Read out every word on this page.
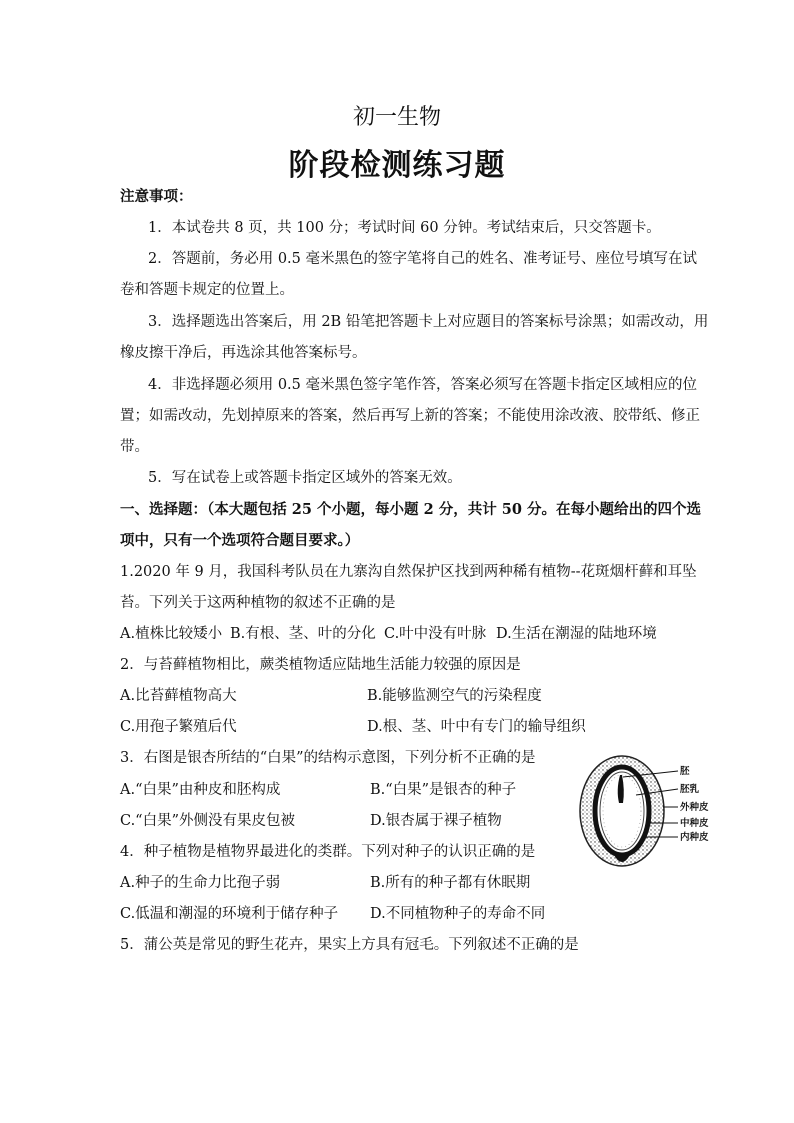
初一生物
阶段检测练习题
注意事项：
1．本试卷共 8 页，共 100 分；考试时间 60 分钟。考试结束后，只交答题卡。
2．答题前，务必用 0.5 毫米黑色的签字笔将自己的姓名、准考证号、座位号填写在试
卷和答题卡规定的位置上。
3．选择题选出答案后，用 2B 铅笔把答题卡上对应题目的答案标号涂黑；如需改动，用
橡皮擦干净后，再选涂其他答案标号。
4．非选择题必须用 0.5 毫米黑色签字笔作答，答案必须写在答题卡指定区域相应的位
置；如需改动，先划掉原来的答案，然后再写上新的答案；不能使用涂改液、胶带纸、修正
带。
5．写在试卷上或答题卡指定区域外的答案无效。
一、选择题：（本大题包括 25 个小题，每小题 2 分，共计 50 分。在每小题给出的四个选
项中，只有一个选项符合题目要求。）
1.2020 年 9 月，我国科考队员在九寨沟自然保护区找到两种稀有植物--花斑烟杆藓和耳坠
苔。下列关于这两种植物的叙述不正确的是
A.植株比较矮小 B.有根、茎、叶的分化 C.叶中没有叶脉 D.生活在潮湿的陆地环境
2．与苔藓植物相比，蕨类植物适应陆地生活能力较强的原因是
A.比苔藓植物高大	B.能够监测空气的污染程度
C.用孢子繁殖后代	D.根、茎、叶中有专门的输导组织
3．右图是银杏所结的“白果”的结构示意图，下列分析不正确的是
A.“白果”由种皮和胚构成	B.“白果”是银杏的种子
C.“白果”外侧没有果皮包被	D.银杏属于裸子植物
4．种子植物是植物界最进化的类群。下列对种子的认识正确的是
A.种子的生命力比孢子弱	B.所有的种子都有休眠期
C.低温和潮湿的环境利于储存种子 D.不同植物种子的寿命不同
5．蒲公英是常见的野生花卉，果实上方具有冠毛。下列叙述不正确的是
胚
胚乳
外种皮
中种皮
内种皮
